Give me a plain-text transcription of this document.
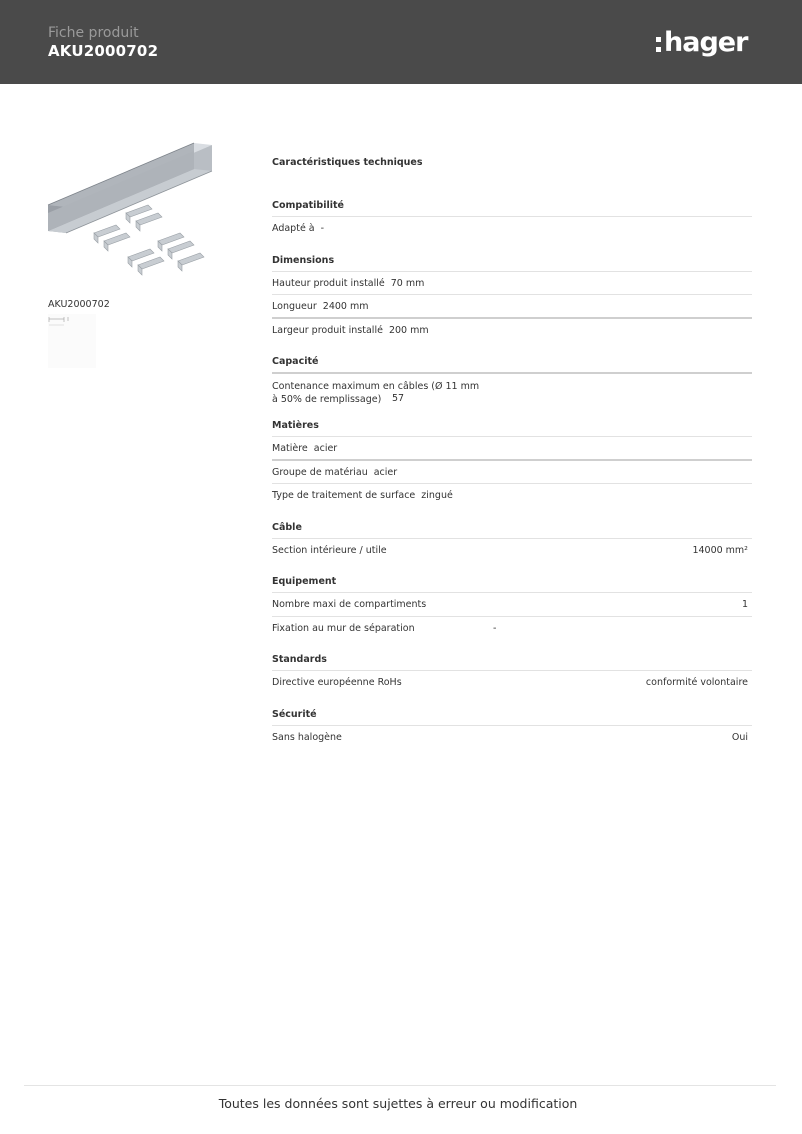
Fiche produit
AKU2000702	hager
AKU2000702
Caractéristiques techniques
Compatibilité
Adapté à -
Dimensions
Hauteur produit installé 70 mm
Longueur 2400 mm
Largeur produit installé 200 mm
Capacité
Contenance maximum en câbles (Ø 11 mm à 50% de remplissage) 57
Matières
Matière acier
Groupe de matériau acier
Type de traitement de surface zingué
Câble
Section intérieure / utile	14000 mm²
Equipement
Nombre maxi de compartiments	1
Fixation au mur de séparation	-
Standards
Directive européenne RoHs	conformité volontaire
Sécurité
Sans halogène	Oui
Toutes les données sont sujettes à erreur ou modification
